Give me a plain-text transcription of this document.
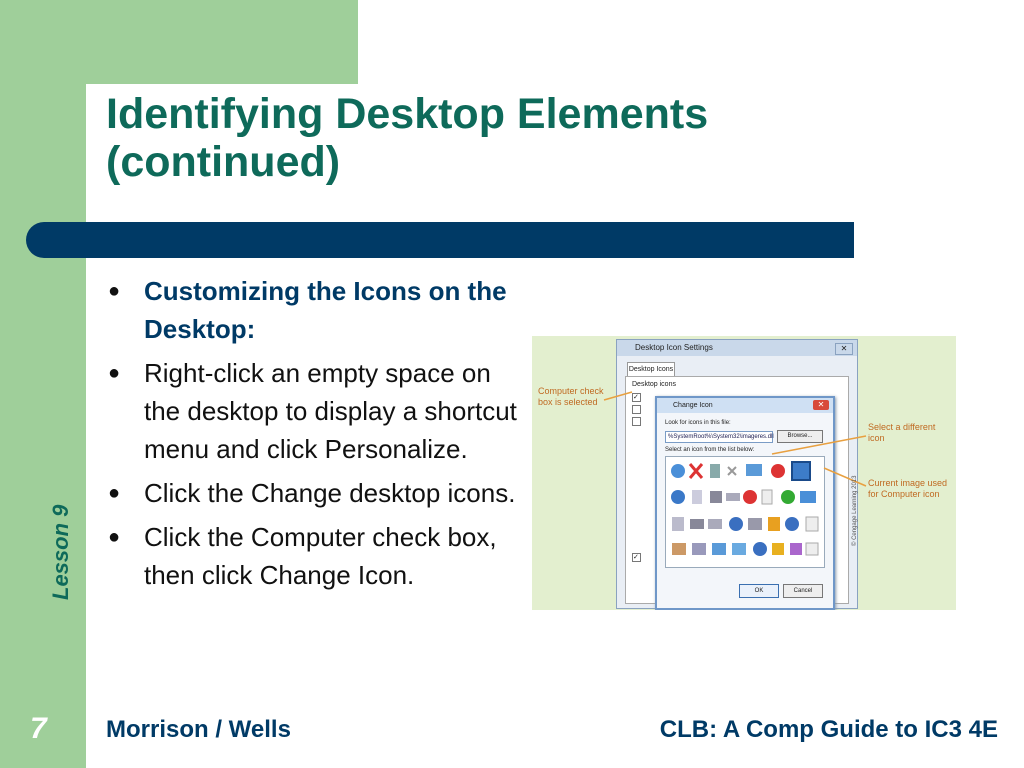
Identifying Desktop Elements
(continued)
Lesson 9
● Customizing the Icons on the Desktop:
● Right-click an empty space on the desktop to display a shortcut menu and click Personalize.
● Click the Change desktop icons.
● Click the Computer check box, then click Change Icon.
Desktop Icon Settings	✕
Desktop Icons
Desktop icons
✓
✓
Change Icon	✕
Look for icons in this file:
%SystemRoot%\System32\imageres.dll	Browse...
Select an icon from the list below:
OK	Cancel
Computer check box is selected
Select a different icon
Current image used for Computer icon
© Cengage Learning 2013
7 Morrison / Wells	CLB: A Comp Guide to IC3 4E
